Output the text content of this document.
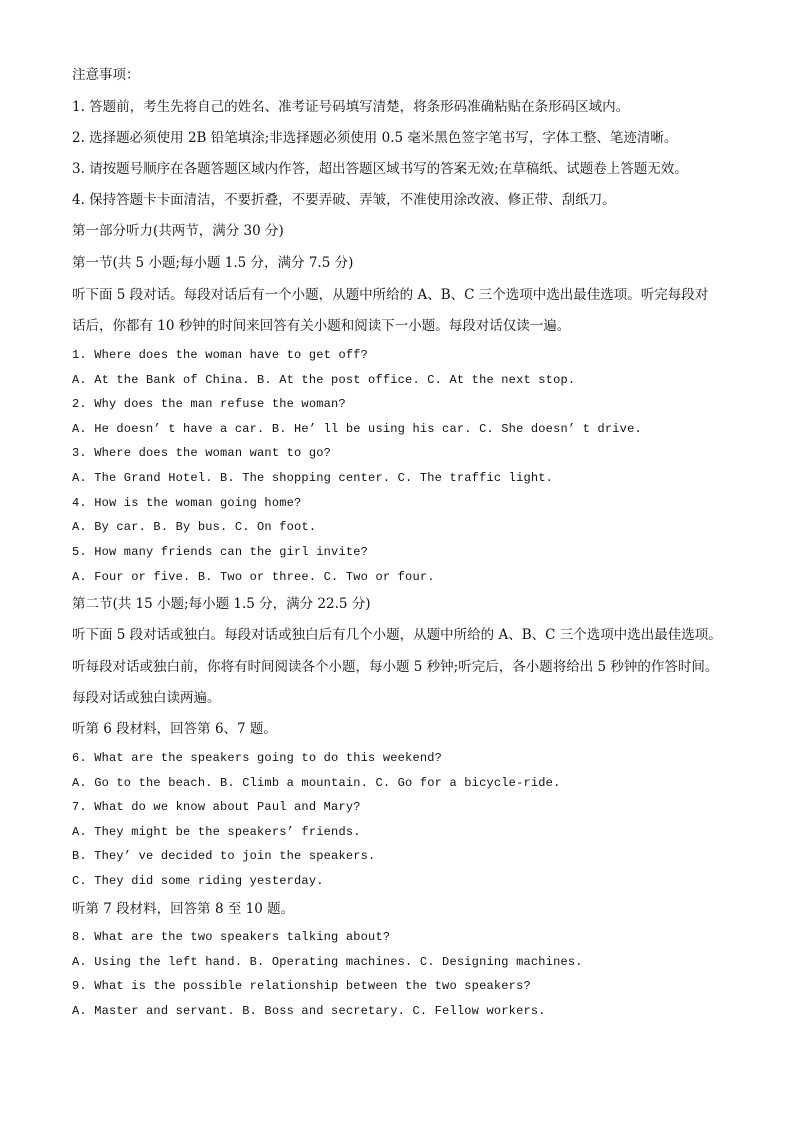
注意事项：
1. 答题前，考生先将自己的姓名、准考证号码填写清楚，将条形码准确粘贴在条形码区域内。
2. 选择题必须使用 2B 铅笔填涂;非选择题必须使用 0.5 毫米黑色签字笔书写，字体工整、笔迹清晰。
3. 请按题号顺序在各题答题区域内作答，超出答题区域书写的答案无效;在草稿纸、试题卷上答题无效。
4. 保持答题卡卡面清洁，不要折叠，不要弄破、弄皱，不准使用涂改液、修正带、刮纸刀。
第一部分听力(共两节，满分 30 分)
第一节(共 5 小题;每小题 1.5 分，满分 7.5 分)
听下面 5 段对话。每段对话后有一个小题，从题中所给的 A、B、C 三个选项中选出最佳选项。听完每段对
话后，你都有 10 秒钟的时间来回答有关小题和阅读下一小题。每段对话仅读一遍。
1. Where does the woman have to get off?
A. At the Bank of China. B. At the post office. C. At the next stop.
2. Why does the man refuse the woman?
A. He doesn’ t have a car. B. He’ ll be using his car. C. She doesn’ t drive.
3. Where does the woman want to go?
A. The Grand Hotel. B. The shopping center. C. The traffic light.
4. How is the woman going home?
A. By car. B. By bus. C. On foot.
5. How many friends can the girl invite?
A. Four or five. B. Two or three. C. Two or four.
第二节(共 15 小题;每小题 1.5 分，满分 22.5 分)
听下面 5 段对话或独白。每段对话或独白后有几个小题，从题中所给的 A、B、C 三个选项中选出最佳选项。
听每段对话或独白前，你将有时间阅读各个小题，每小题 5 秒钟;听完后，各小题将给出 5 秒钟的作答时间。
每段对话或独白读两遍。
听第 6 段材料，回答第 6、7 题。
6. What are the speakers going to do this weekend?
A. Go to the beach. B. Climb a mountain. C. Go for a bicycle-ride.
7. What do we know about Paul and Mary?
A. They might be the speakers’ friends.
B. They’ ve decided to join the speakers.
C. They did some riding yesterday.
听第 7 段材料，回答第 8 至 10 题。
8. What are the two speakers talking about?
A. Using the left hand. B. Operating machines. C. Designing machines.
9. What is the possible relationship between the two speakers?
A. Master and servant. B. Boss and secretary. C. Fellow workers.
